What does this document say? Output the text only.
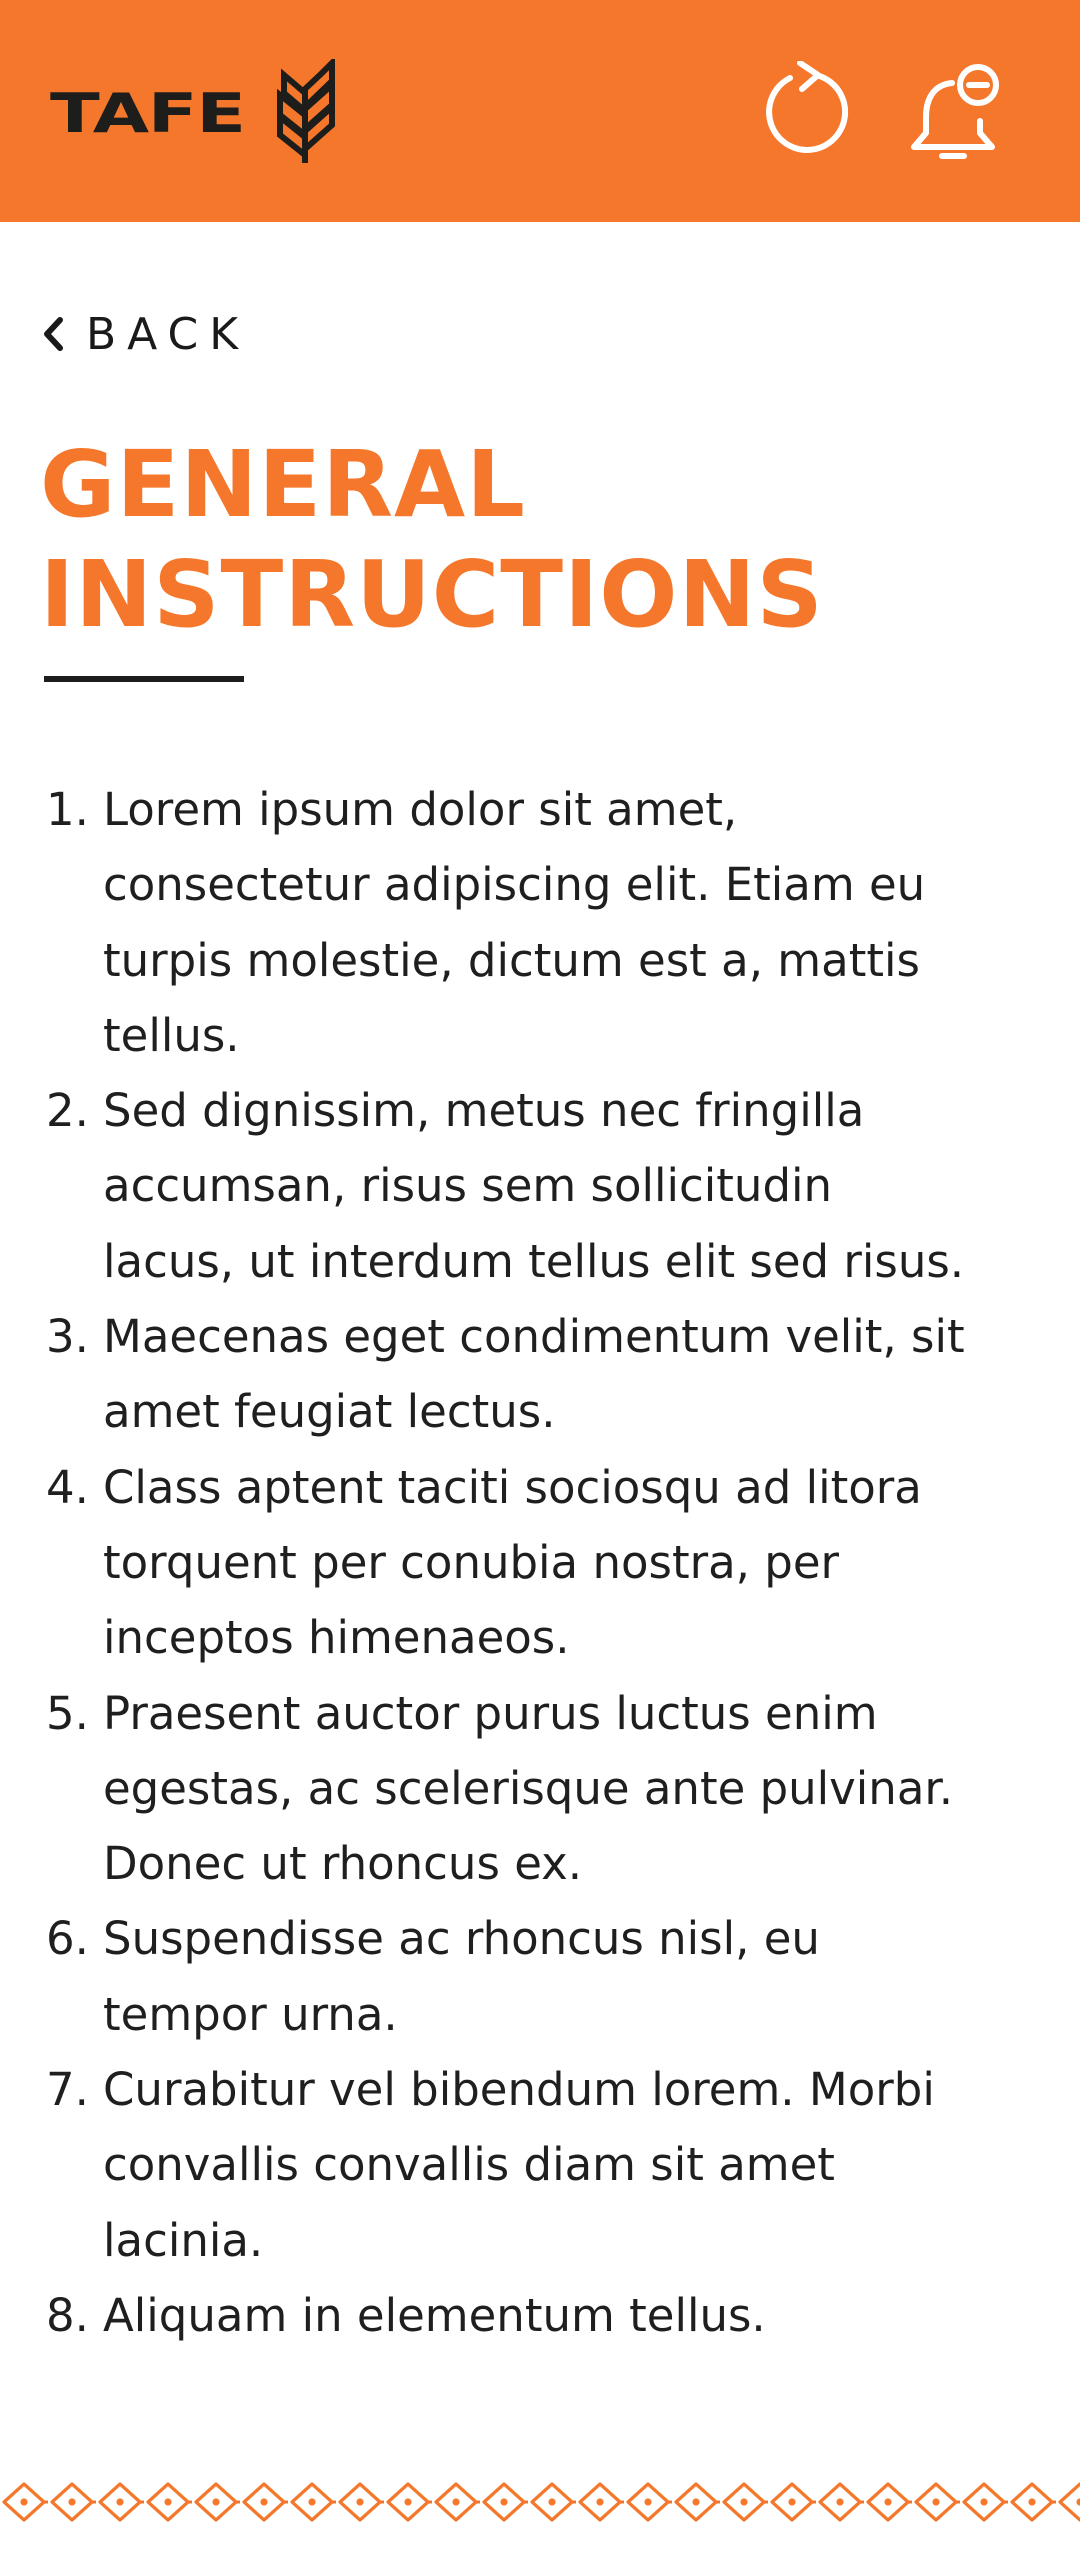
TAFE
BACK
GENERAL
INSTRUCTIONS
1. Lorem ipsum dolor sit amet, consectetur adipiscing elit. Etiam eu turpis molestie, dictum est a, mattis tellus.
2. Sed dignissim, metus nec fringilla accumsan, risus sem sollicitudin lacus, ut interdum tellus elit sed risus.
3. Maecenas eget condimentum velit, sit amet feugiat lectus.
4. Class aptent taciti sociosqu ad litora torquent per conubia nostra, per inceptos himenaeos.
5. Praesent auctor purus luctus enim egestas, ac scelerisque ante pulvinar. Donec ut rhoncus ex.
6. Suspendisse ac rhoncus nisl, eu tempor urna.
7. Curabitur vel bibendum lorem. Morbi convallis convallis diam sit amet lacinia.
8. Aliquam in elementum tellus.
